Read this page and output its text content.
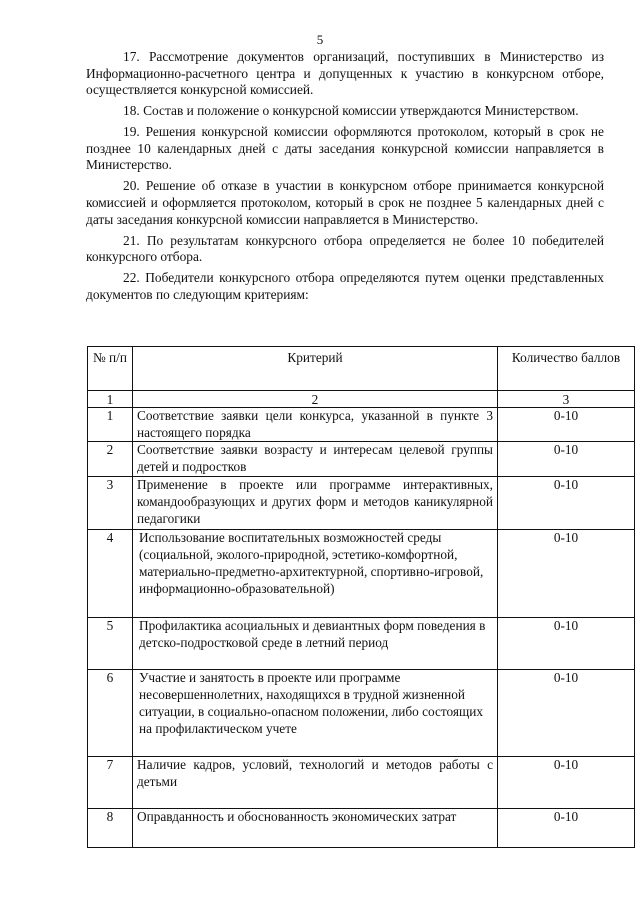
5

17. Рассмотрение документов организаций, поступивших в Министерство из Информационно-расчетного центра и допущенных к участию в конкурсном отборе, осуществляется конкурсной комиссией.

18. Состав и положение о конкурсной комиссии утверждаются Министерством.

19. Решения конкурсной комиссии оформляются протоколом, который в срок не позднее 10 календарных дней с даты заседания конкурсной комиссии направляется в Министерство.

20. Решение об отказе в участии в конкурсном отборе принимается конкурсной комиссией и оформляется протоколом, который в срок не позднее 5 календарных дней с даты заседания конкурсной комиссии направляется в Министерство.

21. По результатам конкурсного отбора определяется не более 10 победителей конкурсного отбора.

22. Победители конкурсного отбора определяются путем оценки представленных документов по следующим критериям:

№ п/п	Критерий	Количество баллов
1	2	3
1	Соответствие заявки цели конкурса, указанной в пункте 3 настоящего порядка	0-10
2	Соответствие заявки возрасту и интересам целевой группы детей и подростков	0-10
3	Применение в проекте или программе интерактивных, командообразующих и других форм и методов каникулярной педагогики	0-10
4	Использование воспитательных возможностей среды (социальной, эколого-природной, эстетико-комфортной, материально-предметно-архитектурной, спортивно-игровой, информационно-образовательной)	0-10
5	Профилактика асоциальных и девиантных форм поведения в детско-подростковой среде в летний период	0-10
6	Участие и занятость в проекте или программе несовершеннолетних, находящихся в трудной жизненной ситуации, в социально-опасном положении, либо состоящих на профилактическом учете	0-10
7	Наличие кадров, условий, технологий и методов работы с детьми	0-10
8	Оправданность и обоснованность экономических затрат	0-10
